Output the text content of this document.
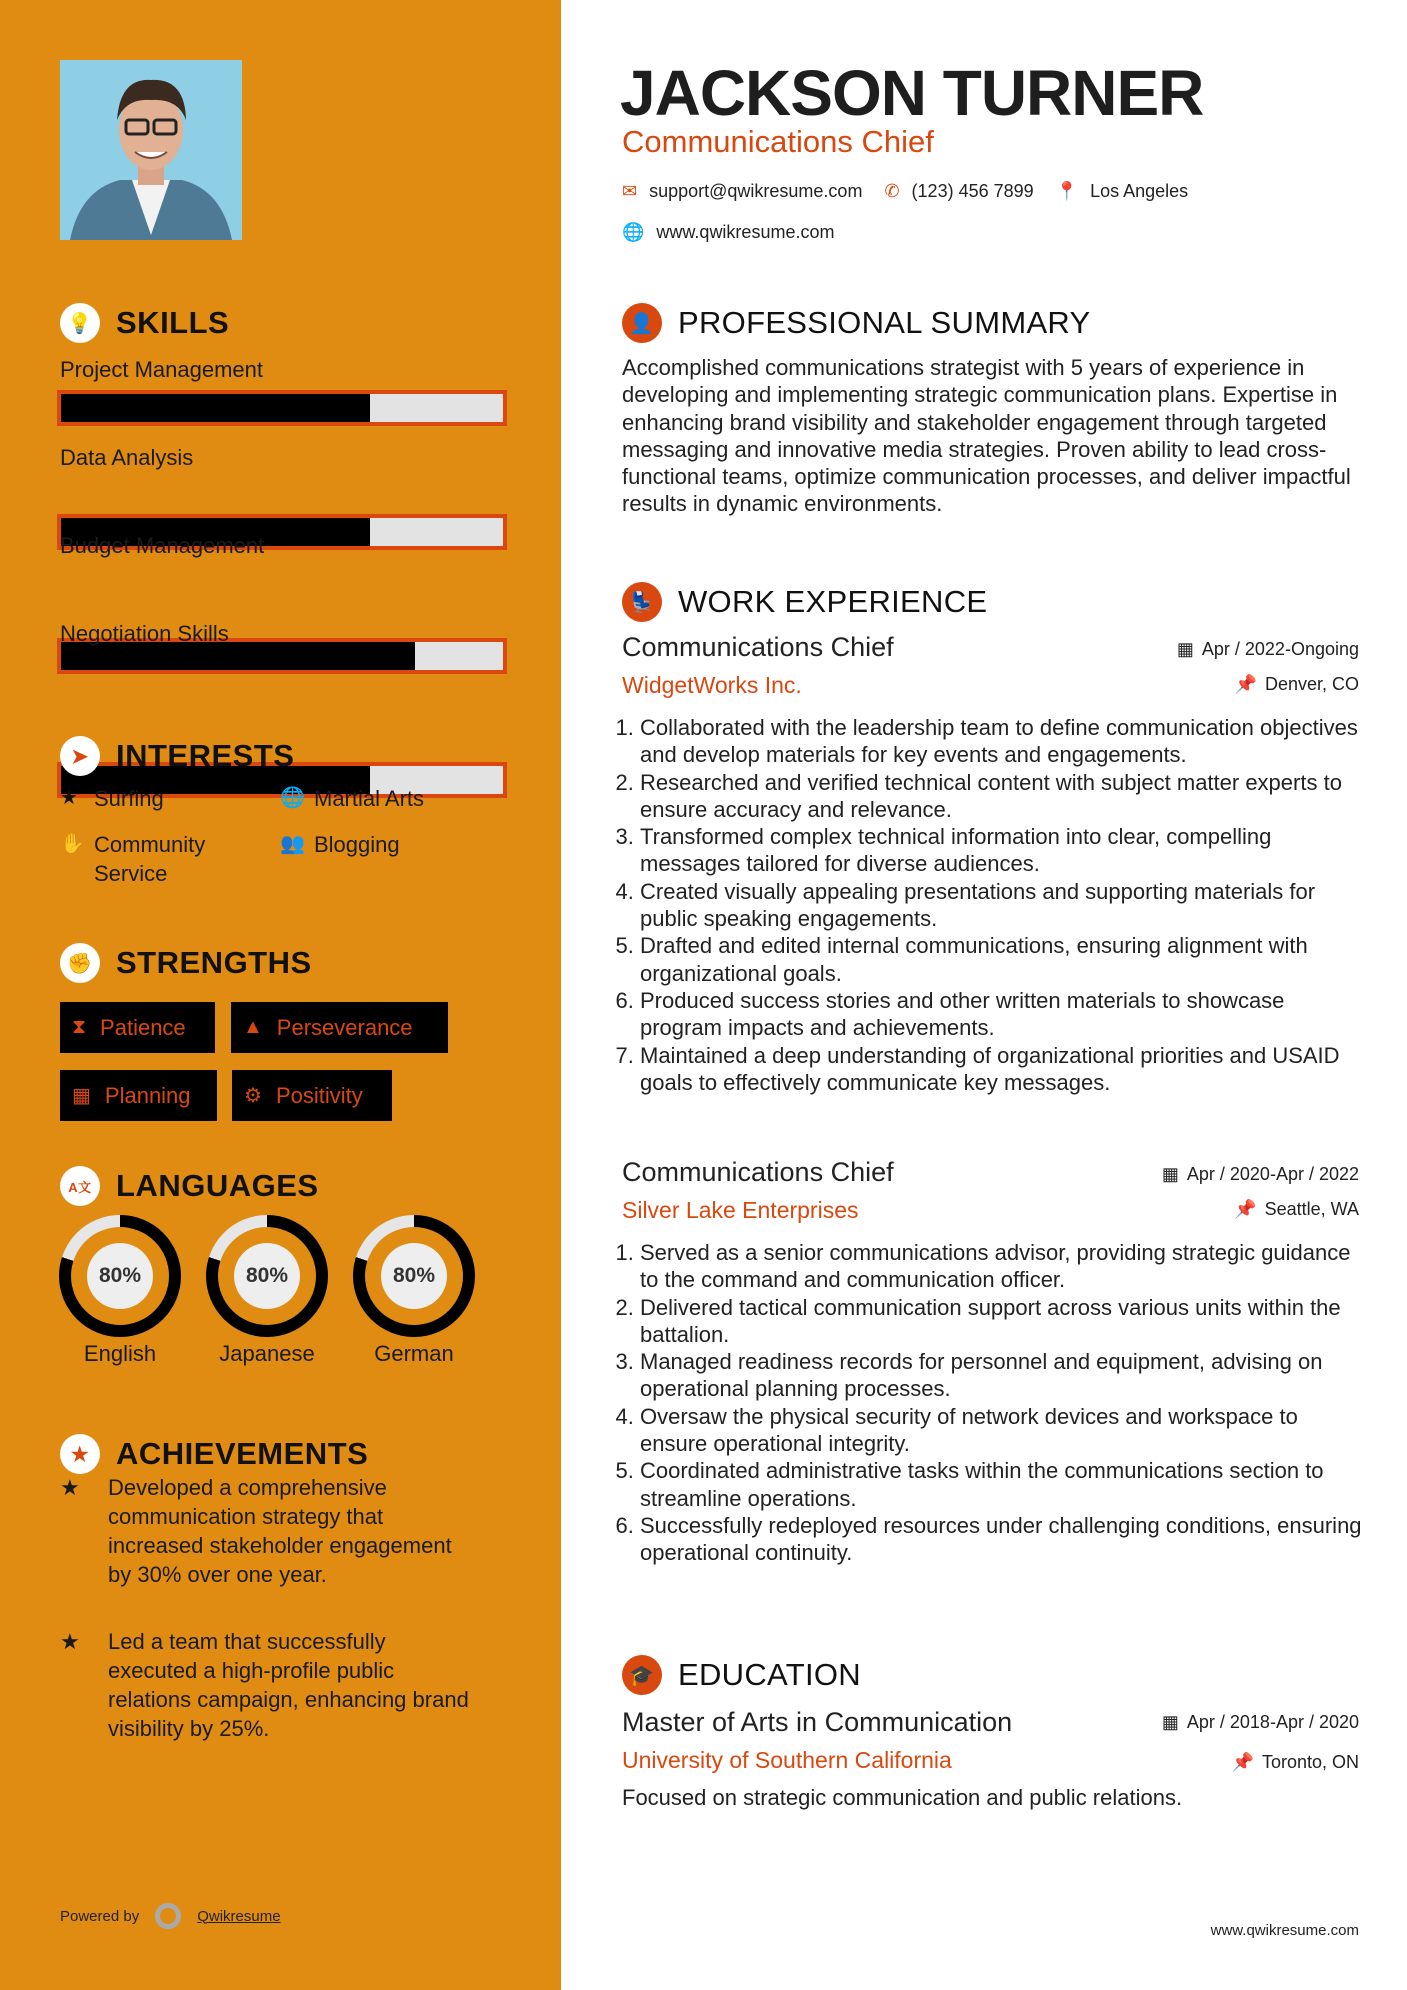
💡 SKILLS
Project Management
Data Analysis
Budget Management
Negotiation Skills
➤ INTERESTS
★ Surfing	🌐 Martial Arts
✋ Community Service
👥 Blogging
✊ STRENGTHS
⧗ Patience	▲ Perseverance
▦ Planning	⚙ Positivity
A文 LANGUAGES
80%
English
80%
Japanese
80%
German
★ ACHIEVEMENTS
★	Developed a comprehensive communication strategy that increased stakeholder engagement by 30% over one year.
★	Led a team that successfully executed a high-profile public relations campaign, enhancing brand visibility by 25%.
Powered by	Qwikresume
JACKSON TURNER
Communications Chief
✉ support@qwikresume.com ✆ (123) 456 7899 📍 Los Angeles
🌐 www.qwikresume.com
👤 PROFESSIONAL SUMMARY
Accomplished communications strategist with 5 years of experience in developing and implementing strategic communication plans. Expertise in enhancing brand visibility and stakeholder engagement through targeted messaging and innovative media strategies. Proven ability to lead cross-functional teams, optimize communication processes, and deliver impactful results in dynamic environments.
💺 WORK EXPERIENCE
Communications Chief
WidgetWorks Inc.
▦ Apr / 2022-Ongoing
📌 Denver, CO
1. Collaborated with the leadership team to define communication objectives and develop materials for key events and engagements.
2. Researched and verified technical content with subject matter experts to ensure accuracy and relevance.
3. Transformed complex technical information into clear, compelling messages tailored for diverse audiences.
4. Created visually appealing presentations and supporting materials for public speaking engagements.
5. Drafted and edited internal communications, ensuring alignment with organizational goals.
6. Produced success stories and other written materials to showcase program impacts and achievements.
7. Maintained a deep understanding of organizational priorities and USAID goals to effectively communicate key messages.
Communications Chief
Silver Lake Enterprises
▦ Apr / 2020-Apr / 2022
📌 Seattle, WA
1. Served as a senior communications advisor, providing strategic guidance to the command and communication officer.
2. Delivered tactical communication support across various units within the battalion.
3. Managed readiness records for personnel and equipment, advising on operational planning processes.
4. Oversaw the physical security of network devices and workspace to ensure operational integrity.
5. Coordinated administrative tasks within the communications section to streamline operations.
6. Successfully redeployed resources under challenging conditions, ensuring operational continuity.
🎓 EDUCATION
Master of Arts in Communication
University of Southern California
▦ Apr / 2018-Apr / 2020
📌 Toronto, ON
Focused on strategic communication and public relations.
www.qwikresume.com
